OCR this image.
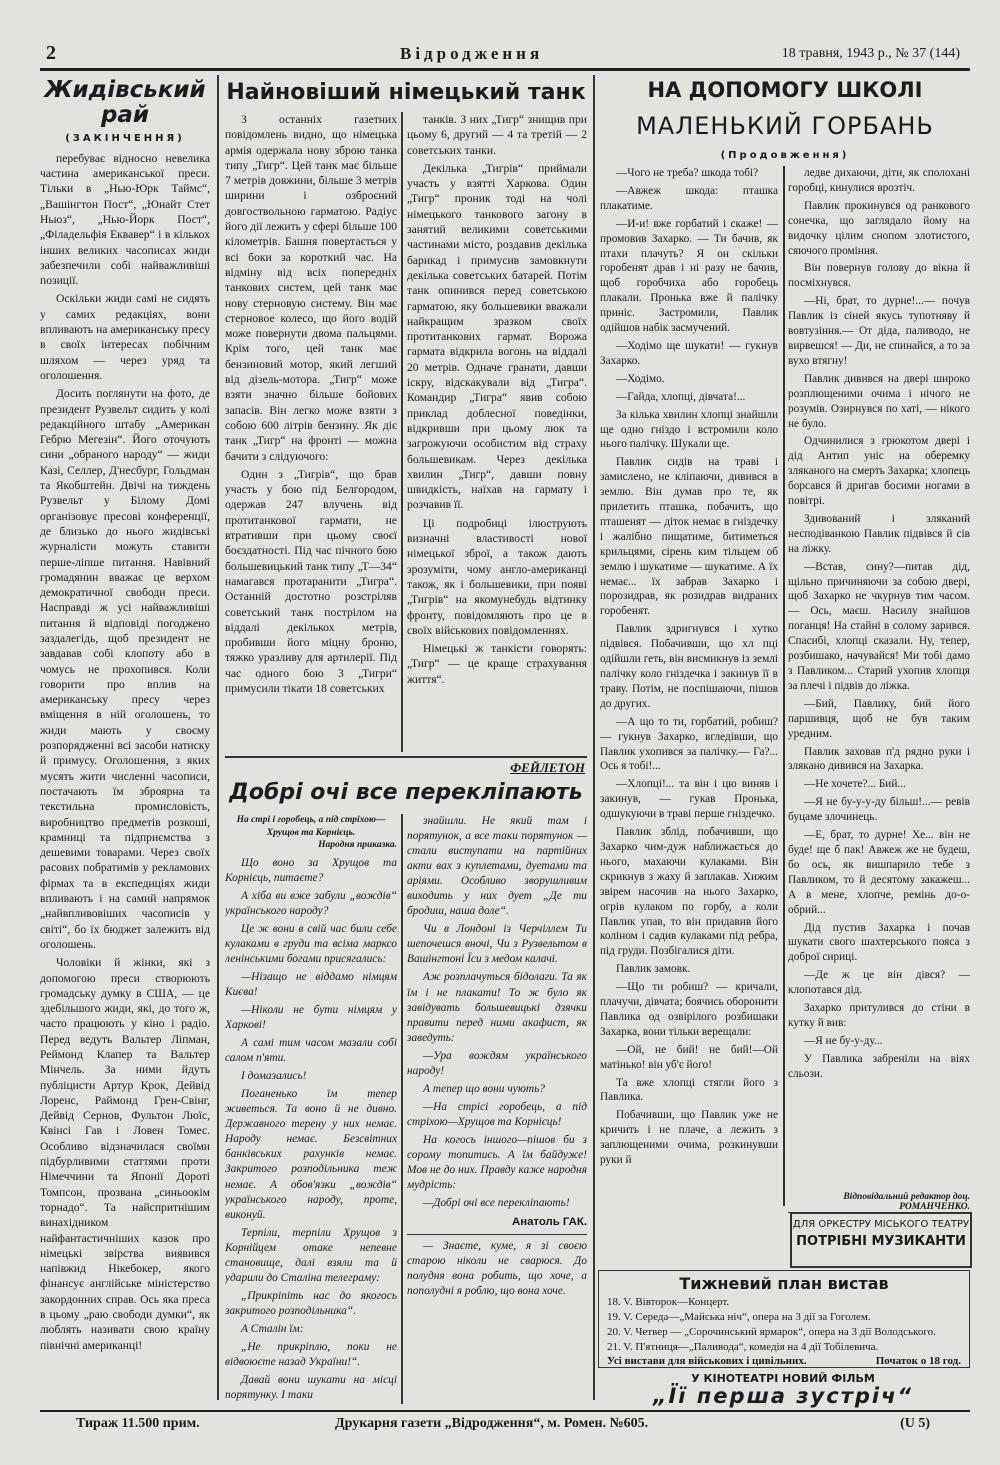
2	Відродження	18 травня, 1943 р., № 37 (144)
Жидівський рай
(ЗАКІНЧЕННЯ)

перебуває відносно невелика частина американської преси. Тільки в „Нью-Юрк Таймс“, „Вашінгтон Пост“, „Юнайт Стет Ньюз“, „Нью-Йорк Пост“, „Філадельфія Еквавер“ і в кількох інших великих часописах жиди забезпечили собі найважливіші позиції.

Оскільки жиди самі не сидять у самих редакціях, вони впливають на американську пресу в своїх інтересах побічним шляхом — через уряд та оголошення.

Досить поглянути на фото, де президент Рузвельт сидить у колі редакційного штабу „Американ Гебрю Мегезін“. Його оточують сини „обраного народу“ — жиди Казі, Селлер, Д'несбург, Гольдман та Якобштейн. Двічі на тиждень Рузвельт у Білому Домі організовує пресові конференції, де близько до нього жидівські журналісти можуть ставити перше-ліпше питання. Навівний громадянин вважає це верхом демократичної свободи преси. Насправді ж усі найважливіші питання й відповіді погоджено заздалегідь, щоб президент не завдавав собі клопоту або в чомусь не прохопився. Коли говорити про вплив на американську пресу через вміщення в ній оголошень, то жиди мають у своєму розпорядженні всі засоби натиску й примусу. Оголошення, з яких мусять жити численні часописи, постачають їм зброярна та текстильна промисловість, виробництво предметів розкоші, крамниці та підприємства з дешевими товарами. Через своїх расових побратимів у рекламових фірмах та в експедиціях жиди впливають і на самий напрямок „найвпливовіших часописів у світі“, бо їх бюджет залежить від оголошень.

Чоловіки й жінки, які з допомогою преси створюють громадську думку в США, — це здебільшого жиди, які, до того ж, часто працюють у кіно і радіо. Перед ведуть Вальтер Ліпман, Реймонд Клапер та Вальтер Мінчель. За ними йдуть публіцисти Артур Крок, Дейвід Лоренс, Раймонд Грен-Свінг, Дейвід Сернов, Фультон Люїс, Квінсі Гав і Ловен Томес. Особливо відзначилася своїми підбурливими статтями проти Німеччини та Японії Дороті Томпсон, прозвана „синьоокім торнадо“. Та найспритнішим винахідником найфантастичніших казок про німецькі звірства виявився напівжид Нікебокер, якого фінансує англійське міністерство закордонних справ. Ось яка преса в цьому „раю свободи думки“, як люблять називати свою країну північні американці!

Найновіший німецький танк

З останніх газетних повідомлень видно, що німецька армія одержала нову зброю танка типу „Тигр“. Цей танк має більше 7 метрів довжини, більше 3 метрів ширини і озброєний довгоствольною гарматою. Радіус його дії лежить у сфері більше 100 кілометрів. Башня повертається у всі боки за короткий час. На відміну від всіх попередніх танкових систем, цей танк має нову стерновую систему. Він має стерновое колесо, що його водій може повернути двома пальцями. Крім того, цей танк має бензиновий мотор, який легший від дізель-мотора. „Тигр“ може взяти значно більше бойових запасів. Він легко може взяти з собою 600 літрів бензину. Як діє танк „Тигр“ на фронті — можна бачити з слідуючого:

Один з „Тигрів“, що брав участь у бою під Белгородом, одержав 247 влучень від протитанкової гармати, не втративши при цьому своєї боєздатності. Під час пічного бою большевицький танк типу „Т—34“ намагався протаранити „Тигра“. Останній достотно розстріляв советський танк пострілом на віддалі декількох метрів, пробивши його міцну броню, тяжко уразливу для артилерії. Під час одного бою 3 „Тигри“ примусили тікати 18 советських

танків. З них „Тигр“ знищив при цьому 6, другий — 4 та третій — 2 советських танки.

Декілька „Тигрів“ приймали участь у взятті Харкова. Один „Тигр“ проник тоді на чолі німецького танкового загону в занятий великими советськими частинами місто, роздавив декілька барикад і примусив замовкнути декілька советських батарей. Потім танк опинився перед советською гарматою, яку большевики вважали найкращим зразком своїх протитанкових гармат. Ворожа гармата відкрила вогонь на віддалі 20 метрів. Одначе гранати, давши іскру, відскакували від „Тигра“. Командир „Тигра“ явив собою приклад доблесної поведінки, відкривши при цьому люк та загрожуючи особистим від страху большевикам. Через декілька хвилин „Тигр“, давши повну швидкість, наїхав на гармату і розчавив її.

Ці подробиці ілюструють визначні властивості нової німецької зброї, а також дають зрозуміти, чому англо-американці також, як і большевики, при появі „Тигрів“ на якомунебудь відтинку фронту, повідомляють про це в своїх військових повідомленнях.

Німецькі ж танкісти говорять: „Тигр“ — це краще страхування життя“.

ФЕЙЛЕТОН
Добрі очі все переклiпають
На стрі і горобець, а під стріхою—Хрущов та Корнієць.
Народня приказка.

Що воно за Хрущов та Корнієць, питаєте?

А хіба ви вже забули „вождів“ українського народу?

Це ж вони в свій час били себе кулаками в груди та всіма марксо ленінськими богами присягались:

—Нізащо не віддамо німцям Києва!

—Ніколи не бути німцям у Харкові!

А самі тим часом мазали собі салом п'яти.

І домазались!

Поганенько їм тепер живеться. Та воно й не дивно. Державного терену у них немає. Народу немає. Безсвітних банківських рахунків немає. Закритого розподільника теж немає. А обов'язки „вождів“ українського народу, проте, виконуй.

Терпіли, терпіли Хрущов з Корнійцем отаке непевне становище, далі взяли та й ударили до Сталіна телеграму:

„Прикріпіть нас до якогось закритого розподільника“.

А Сталін їм:

„Не прикріплю, поки не відвоюєте назад України!“.

Давай вони шукати на місці порятунку. І таки

знайшли. Не який там і порятунок, а все таки порятунок — стали виступати на партійних акти вах з куплетами, дуетами та аріями. Особливо зворушливим виходить у них дует „Де ти бродиш, нашa доле“.

Чи в Лондоні із Черчіллем Ти шепочешся вночі, Чи з Рузвельтом в Вашінгтоні Їси з медом калачі.

Аж розплачуться бідолаги. Та як їм і не плакати! То ж було як завідувать большевицькі дзячки правити перед ними акафист, як заведуть:

—Ура вождям українського народу!

А тепер що вони чують?

—На стрісі горобець, а під стріхою—Хрущов та Корнієць!

На когось іншого—пішов би з сорому топитись. А їм байдуже! Мов не до них. Правду каже народня мудрість:

—Добрі очі все переклiпають!

Анатоль ГАК.

— Знаєте, куме, я зі своєю старою ніколи не сварюся. До полудня вона робить, що хоче, а пополудні я роблю, що вона хоче.

НА ДОПОМОГУ ШКОЛІ
МАЛЕНЬКИЙ ГОРБАНЬ
(Продовження)

—Чого не треба? шкода тобі?

—Авжеж шкода: пташка плакатиме.

—И-и! вже горбатий і скаже! — промовив Захарко. — Ти бачив, як птахи плачуть? Я он скільки горобенят драв і ні разу не бачив, щоб горобчиха або горобець плакали. Пронька вже й палічку приніс. Застромили, Павлик одійшов набік засмучений.

—Ходімо ще шукати! — гукнув Захарко.

—Ходімо.

—Гайда, хлопці, дівчата!...

За кілька хвилин хлопці знайшли ще одно гніздо і встромили коло нього палічку. Шукали ще.

Павлик сидів на траві і замислено, не кліпаючи, дивився в землю. Він думав про те, як прилетить пташка, побачить, що пташенят — діток немає в гніздечку і жалібно пищатиме, битиметься крильцями, сірень ким тільцем об землю і шукатиме — шукатиме. А їх немає... їх забрав Захарко і порозидрав, як розидрав видраних горобенят.

Павлик здригнувся і хутко підвівся. Побачивши, що хл пці одійшли геть, він висмикнув із землі палічку коло гніздечка і закинув її в траву. Потім, не поспішаючи, пішов до других.

—А що то ти, горбатий, робиш? — гукнув Захарко, вгледівши, що Павлик ухопився за палічку.— Га?... Ось я тобі!...

—Хлопці!... та він і цю виняв і закинув, — гукав Пронька, одшукуючи в траві перше гніздечко.

Павлик зблід, побачивши, що Захарко чим-дуж наближається до нього, махаючи кулаками. Він скрикнув з жаху й заплакав. Хижим звірем насочив на нього Захарко, огрів кулаком по горбу, а коли Павлик упав, то він придавив його коліном і садив кулаками під ребра, під груди. Позбігалися діти.

Павлик замовк.

—Що ти робиш? — кричали, плачучи, дівчата; боячись оборонити Павлика од озвірілого розбишаки Захарка, вони тільки верещали:

—Ой, не бий! не бий!—Ой матінько! він уб'є його!

Та вже хлопці стягли його з Павлика.

Побачивши, що Павлик уже не кричить і не плаче, а лежить з заплющеними очима, розкинувши руки й

ледве дихаючи, діти, як сполохані горобці, кинулися врозтіч.

Павлик прокинувся од ранкового сонечка, що заглядало йому на видочку цілим снопом злотистого, сяючого проміння.

Він повернув голову до вікна й посміхнувся.

—Ні, брат, то дурне!...— почув Павлик із сіней якусь тупотняву й вовтузіння.— От діда, паливодо, не вирвешся! — Ди, не спинайся, а то за вухо втягну!

Павлик дивився на двері широко розплющеними очима і нічого не розумів. Озирнувся по хаті, — нікого не було.

Одчинилися з грюкотом двері і дід Антип уніс на оберемку зляканого на смерть Захарка; хлопець борсався й дригав босими ногами в повітрі.

Здивований і зляканий несподіванкою Павлик підвівся й сів на ліжку.

—Встав, синy?—питав дід, щільно причиняючи за собою двері, щоб Захарко не чкурнув тим часом.— Ось, маєш. Насилу знайшов поганця! На стайні в солому зарився. Спасибі, хлопці сказали. Ну, тепер, розбишако, начувайся! Ми тобі дамо з Павликом... Старий ухопив хлопця за плечі і підвів до ліжка.

—Бий, Павлику, бий його паршивця, щоб не був таким уредним.

Павлик заховав п'д рядно руки і злякано дивився на Захарка.

—Не хочете?... Бий...

—Я не бу-у-у-ду більш!...— ревів буцаме злочинець.

—Е, брат, то дурне! Хе... він не буде! ще б пак! Авжеж же не будеш, бо ось, як вишпарило тебе з Павликом, то й десятому закажеш... А в мене, хлопче, ремінь до-о-обрий...

Дід пустив Захарка і почав шукати свого шахтерського пояса з доброї сириці.

—Де ж це він дівся? — клопотався дід.

Захарко притулився до стіни в кутку й вив:

—Я не бу-у-ду...

У Павлика забреніли на віях сльози.

Відповідальний редактор доц. РОМАНЧЕНКО.
ДЛЯ ОРКЕСТРУ МІСЬКОГО ТЕАТРУ
ПОТРІБНІ МУЗИКАНТИ
Тижневий план вистав
18. V. Вівторок—Концерт.
19. V. Середа—„Майська ніч“, опера на 3 дії за Гоголем.
20. V. Четвер — „Сорочинський ярмарок“, опера на 3 дії Володського.
21. V. П'ятниця—„Паливода“, комедія на 4 дії Тобілевича.
Усі вистави для військових і цивільних.	Початок о 18 год.
У КІНОТЕАТРІ НОВИЙ ФІЛЬМ
„Її перша зустріч“
Тираж 11.500 прим.	Друкарня газети „Відродження“, м. Ромен. №605.	(U 5)
